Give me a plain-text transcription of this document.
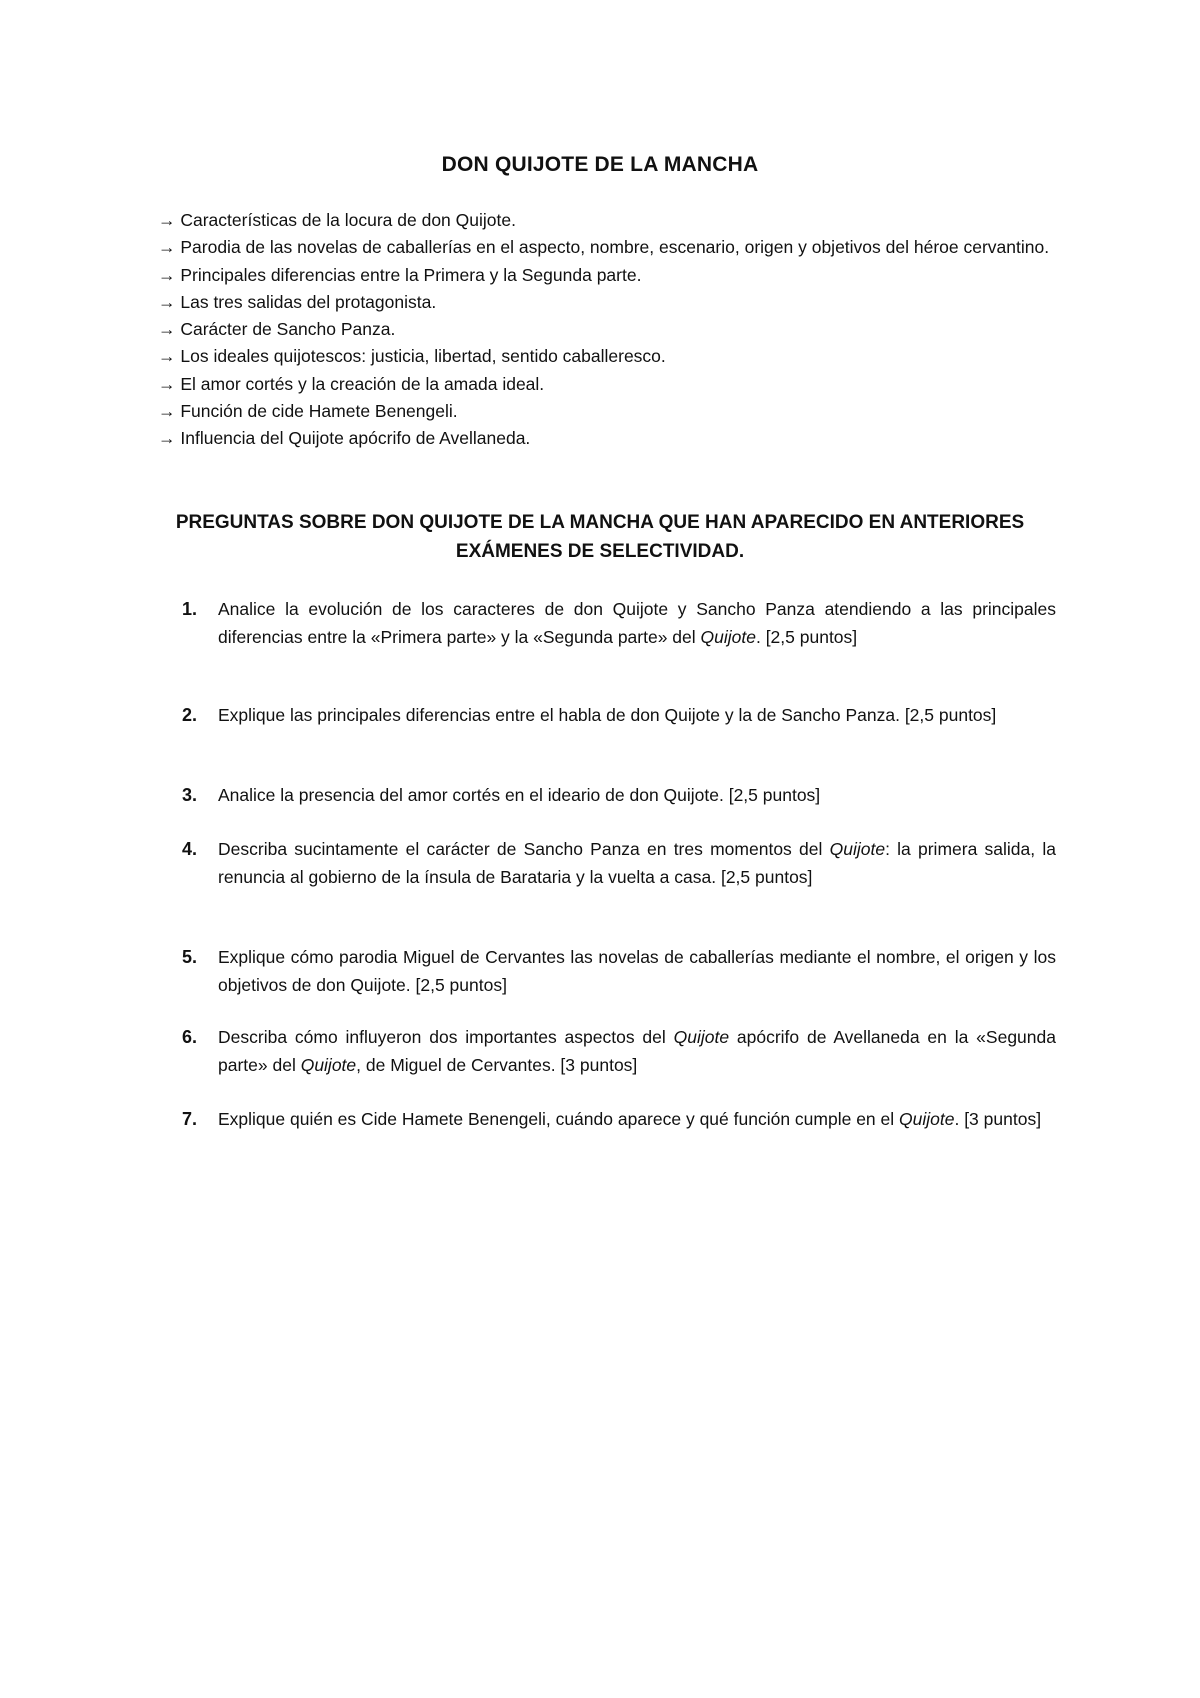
DON QUIJOTE DE LA MANCHA
→ Características de la locura de don Quijote.
→ Parodia de las novelas de caballerías en el aspecto, nombre, escenario, origen y objetivos del héroe cervantino.
→ Principales diferencias entre la Primera y la Segunda parte.
→ Las tres salidas del protagonista.
→ Carácter de Sancho Panza.
→ Los ideales quijotescos: justicia, libertad, sentido caballeresco.
→ El amor cortés y la creación de la amada ideal.
→ Función de cide Hamete Benengeli.
→ Influencia del Quijote apócrifo de Avellaneda.
PREGUNTAS SOBRE DON QUIJOTE DE LA MANCHA QUE HAN APARECIDO EN ANTERIORES EXÁMENES DE SELECTIVIDAD.
1. Analice la evolución de los caracteres de don Quijote y Sancho Panza atendiendo a las principales diferencias entre la «Primera parte» y la «Segunda parte» del Quijote. [2,5 puntos]
2. Explique las principales diferencias entre el habla de don Quijote y la de Sancho Panza. [2,5 puntos]
3. Analice la presencia del amor cortés en el ideario de don Quijote. [2,5 puntos]
4. Describa sucintamente el carácter de Sancho Panza en tres momentos del Quijote: la primera salida, la renuncia al gobierno de la ínsula de Barataria y la vuelta a casa. [2,5 puntos]
5. Explique cómo parodia Miguel de Cervantes las novelas de caballerías mediante el nombre, el origen y los objetivos de don Quijote. [2,5 puntos]
6. Describa cómo influyeron dos importantes aspectos del Quijote apócrifo de Avellaneda en la «Segunda parte» del Quijote, de Miguel de Cervantes. [3 puntos]
7. Explique quién es Cide Hamete Benengeli, cuándo aparece y qué función cumple en el Quijote. [3 puntos]
